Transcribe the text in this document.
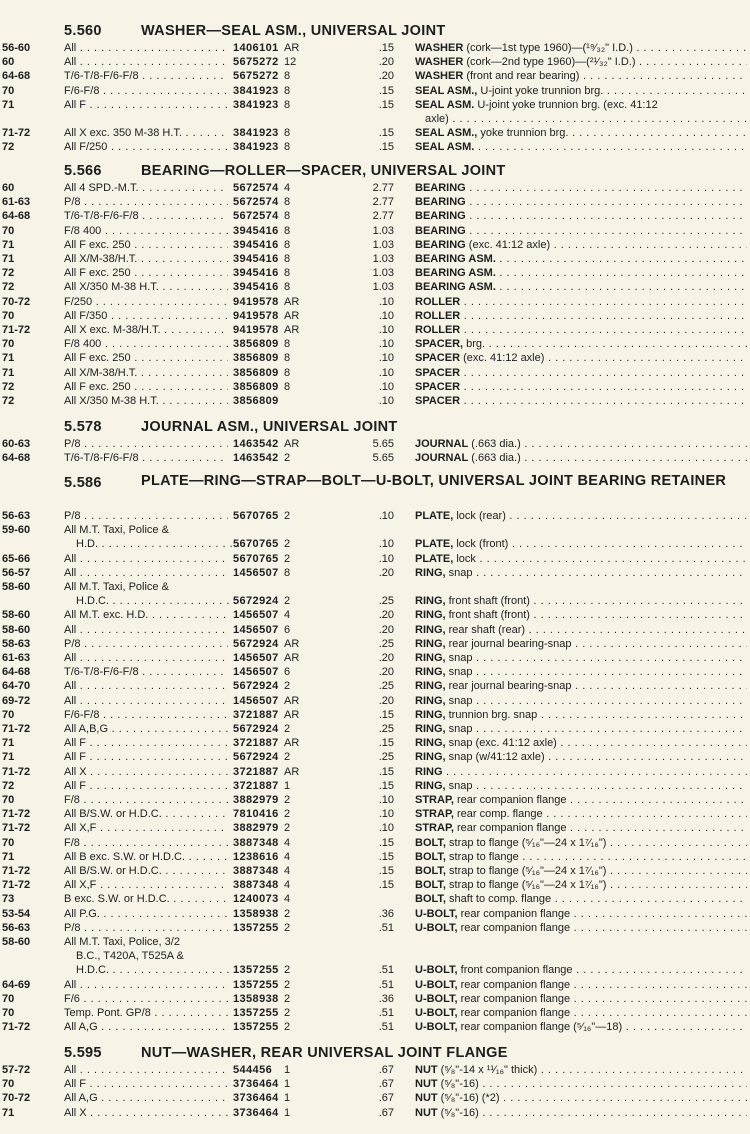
5.560	WASHER—SEAL ASM., UNIVERSAL JOINT
56-60	All . . .	1406101 AR	.15 WASHER (cork—1st type 1960)—(¹⁹⁄₃₂" I.D.) . . .
60	All . . .	5675272 12	.20 WASHER (cork—2nd type 1960)—(²¹⁄₃₂" I.D.) . . .
64-68	T/6-T/8-F/6-F/8 . . .	5675272 8	.20 WASHER (front and rear bearing) . . .
70	F/6-F/8 . . .	3841923 8	.15 SEAL ASM., U-joint yoke trunnion brg. . . .
71	All F . . .	3841923 8	.15 SEAL ASM. U-joint yoke trunnion brg. (exc. 41:12
axle) . . .
71-72	All X exc. 350 M-38 H.T. . . .	3841923 8	.15 SEAL ASM., yoke trunnion brg. . . .
72	All F/250 . . .	3841923 8	.15 SEAL ASM. . . .
5.566	BEARING—ROLLER—SPACER, UNIVERSAL JOINT
60	All 4 SPD.-M.T. . . .	5672574 4	2.77 BEARING . . .
61-63	P/8 . . .	5672574 8	2.77 BEARING . . .
64-68	T/6-T/8-F/6-F/8 . . .	5672574 8	2.77 BEARING . . .
70	F/8 400 . . .	3945416 8	1.03 BEARING . . .
71	All F exc. 250 . . .	3945416 8	1.03 BEARING (exc. 41:12 axle) . . .
71	All X/M-38/H.T. . . .	3945416 8	1.03 BEARING ASM. . . .
72	All F exc. 250 . . .	3945416 8	1.03 BEARING ASM. . . .
72	All X/350 M-38 H.T. . . .	3945416 8	1.03 BEARING ASM. . . .
70-72	F/250 . . .	9419578 AR	.10 ROLLER . . .
70	All F/350 . . .	9419578 AR	.10 ROLLER . . .
71-72	All X exc. M-38/H.T. . . .	9419578 AR	.10 ROLLER . . .
70	F/8 400 . . .	3856809 8	.10 SPACER, brg. . . .
71	All F exc. 250 . . .	3856809 8	.10 SPACER (exc. 41:12 axle) . . .
71	All X/M-38/H.T. . . .	3856809 8	.10 SPACER . . .
72	All F exc. 250 . . .	3856809 8	.10 SPACER . . .
72	All X/350 M-38 H.T. . . .	3856809	.10 SPACER . . .
5.578	JOURNAL ASM., UNIVERSAL JOINT
60-63	P/8 . . .	1463542 AR	5.65 JOURNAL (.663 dia.) . . .
64-68	T/6-T/8-F/6-F/8 . . .	1463542 2	5.65 JOURNAL (.663 dia.) . . .
5.586	PLATE—RING—STRAP—BOLT—U-BOLT, UNIVERSAL JOINT BEARING RETAINER
56-63	P/8 . . .	5670765 2	.10 PLATE, lock (rear) . . .
59-60	All M.T. Taxi, Police &
H.D. . . .	5670765 2	.10 PLATE, lock (front) . . .
65-66	All . . .	5670765 2	.10 PLATE, lock . . .
56-57	All . . .	1456507 8	.20 RING, snap . . .
58-60	All M.T. Taxi, Police &
H.D.C. . . .	5672924 2	.25 RING, front shaft (front) . . .
58-60	All M.T. exc. H.D. . . .	1456507 4	.20 RING, front shaft (front) . . .
58-60	All . . .	1456507 6	.20 RING, rear shaft (rear) . . .
58-63	P/8 . . .	5672924 AR	.25 RING, rear journal bearing-snap . . .
61-63	All . . .	1456507 AR	.20 RING, snap . . .
64-68	T/6-T/8-F/6-F/8 . . .	1456507 6	.20 RING, snap . . .
64-70	All . . .	5672924 2	.25 RING, rear journal bearing-snap . . .
69-72	All . . .	1456507 AR	.20 RING, snap . . .
70	F/6-F/8 . . .	3721887 AR	.15 RING, trunnion brg. snap . . .
71-72	All A,B,G . . .	5672924 2	.25 RING, snap . . .
71	All F . . .	3721887 AR	.15 RING, snap (exc. 41:12 axle) . . .
71	All F . . .	5672924 2	.25 RING, snap (w/41:12 axle) . . .
71-72	All X . . .	3721887 AR	.15 RING . . .
72	All F . . .	3721887 1	.15 RING, snap . . .
70	F/8 . . .	3882979 2	.10 STRAP, rear companion flange . . .
71-72	All B/S.W. or H.D.C. . . .	7810416 2	.10 STRAP, rear comp. flange . . .
71-72	All X,F . . .	3882979 2	.10 STRAP, rear companion flange . . .
70	F/8 . . .	3887348 4	.15 BOLT, strap to flange (⁵⁄₁₆"—24 x 1⁷⁄₁₆") . . .
71	All B exc. S.W. or H.D.C. . . .	1238616 4	.15 BOLT, strap to flange . . .
71-72	All B/S.W. or H.D.C. . . .	3887348 4	.15 BOLT, strap to flange (⁵⁄₁₆"—24 x 1⁷⁄₁₆") . . .
71-72	All X,F . . .	3887348 4	.15 BOLT, strap to flange (⁵⁄₁₆"—24 x 1⁷⁄₁₆") . . .
73	B exc. S.W. or H.D.C. . . .	1240073 4	BOLT, shaft to comp. flange . . .
53-54	All P.G. . . .	1358938 2	.36 U-BOLT, rear companion flange . . .
56-63	P/8 . . .	1357255 2	.51 U-BOLT, rear companion flange . . .
58-60	All M.T. Taxi, Police, 3/2
B.C., T420A, T525A &
H.D.C. . . .	1357255 2	.51 U-BOLT, front companion flange . . .
64-69	All . . .	1357255 2	.51 U-BOLT, rear companion flange . . .
70	F/6 . . .	1358938 2	.36 U-BOLT, rear companion flange . . .
70	Temp. Pont. GP/8 . . .	1357255 2	.51 U-BOLT, rear companion flange . . .
71-72	All A,G . . .	1357255 2	.51 U-BOLT, rear companion flange (⁵⁄₁₆"—18) . . .
5.595	NUT—WASHER, REAR UNIVERSAL JOINT FLANGE
57-72	All . . .	544456 1	.67 NUT (⁵⁄₈"-14 x ¹¹⁄₁₆" thick) . . .
70	All F . . .	3736464 1	.67 NUT (⁵⁄₈"-16) . . .
70-72	All A,G . . .	3736464 1	.67 NUT (⁵⁄₈"-16) (*2) . . .
71	All X . . .	3736464 1	.67 NUT (⁵⁄₈"-16) . . .
